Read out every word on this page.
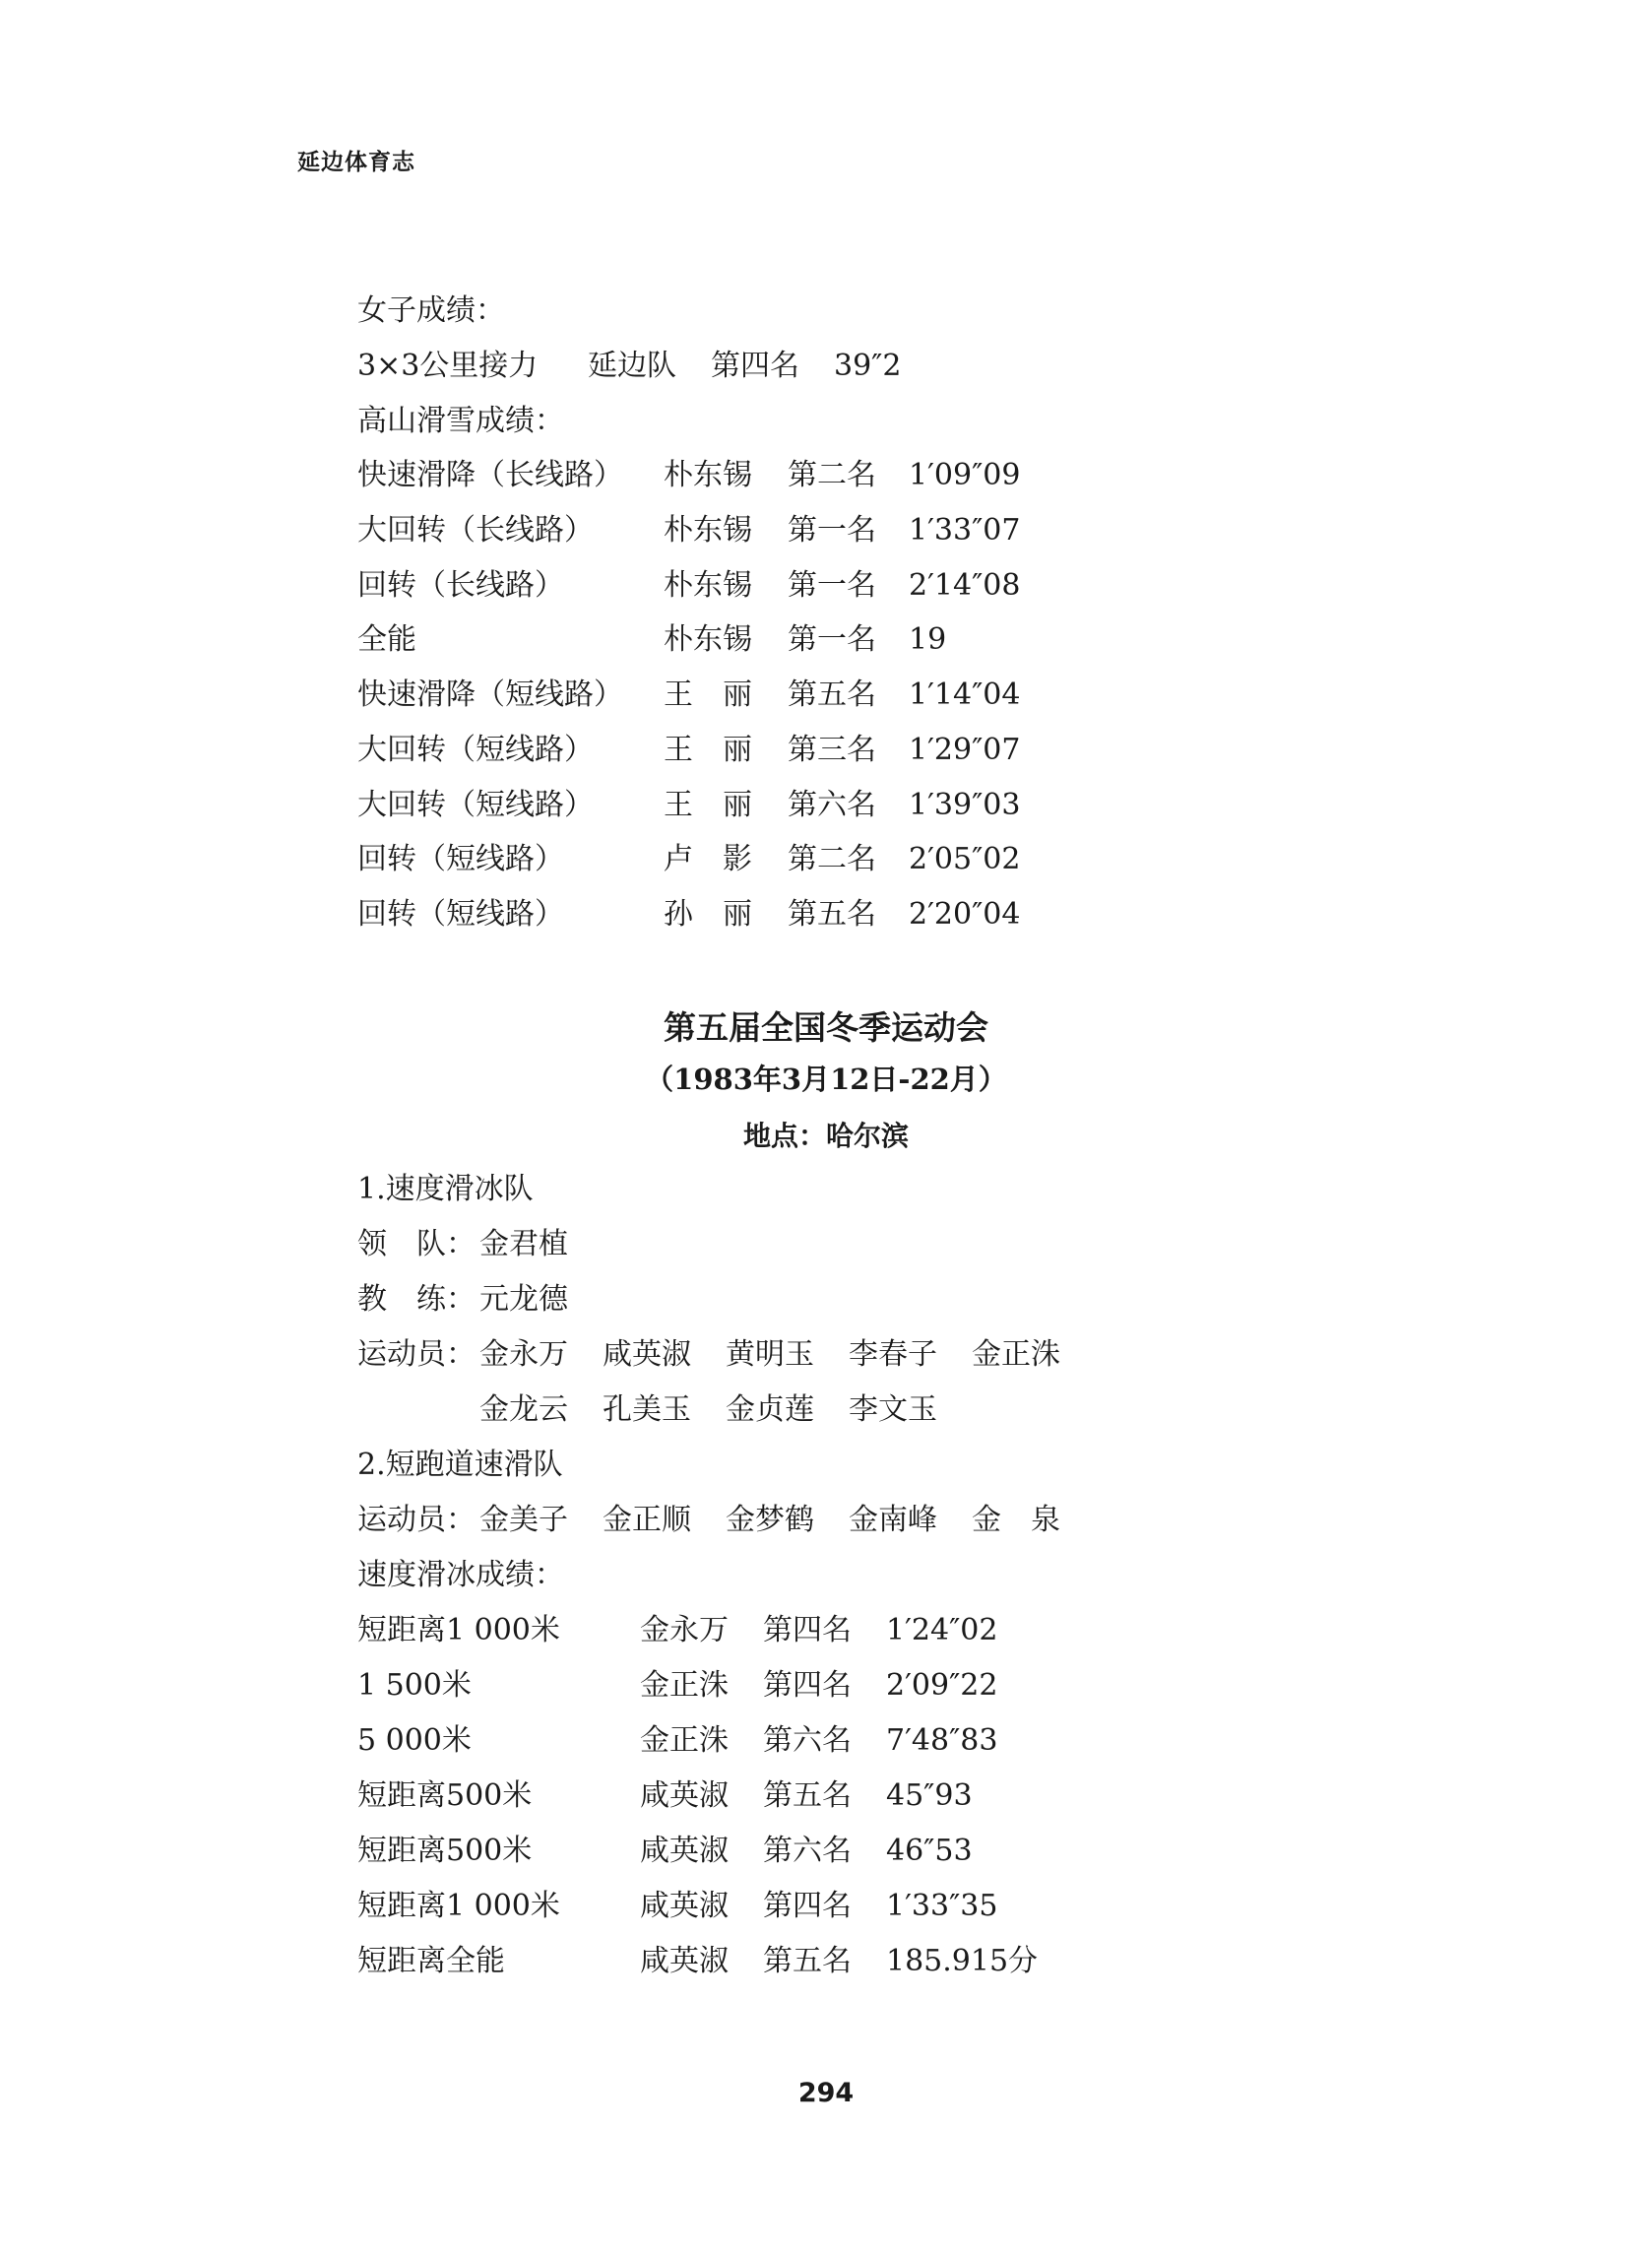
延边体育志
女子成绩：
3×3公里接力 延边队 第四名 39″2
高山滑雪成绩：
快速滑降（长线路） 朴东锡 第二名 1′09″09
大回转（长线路） 朴东锡 第一名 1′33″07
回转（长线路）	朴东锡 第一名 2′14″08
全能	朴东锡 第一名 19
快速滑降（短线路） 王　丽 第五名 1′14″04
大回转（短线路） 王　丽 第三名 1′29″07
大回转（短线路） 王　丽 第六名 1′39″03
回转（短线路）	卢　影 第二名 2′05″02
回转（短线路）	孙　丽 第五名 2′20″04
第五届全国冬季运动会
（1983年3月12日-22月）
地点：哈尔滨
1.速度滑冰队
领　队： 金君植
教　练： 元龙德
运动员： 金永万 咸英淑 黄明玉 李春子 金正洙
金龙云 孔美玉 金贞莲 李文玉
2.短跑道速滑队
运动员： 金美子 金正顺 金梦鹤 金南峰 金　泉
速度滑冰成绩：
短距离1 000米	金永万 第四名 1′24″02
1 500米	金正洙 第四名 2′09″22
5 000米	金正洙 第六名 7′48″83
短距离500米	咸英淑 第五名 45″93
短距离500米	咸英淑 第六名 46″53
短距离1 000米	咸英淑 第四名 1′33″35
短距离全能	咸英淑 第五名 185.915分
294
